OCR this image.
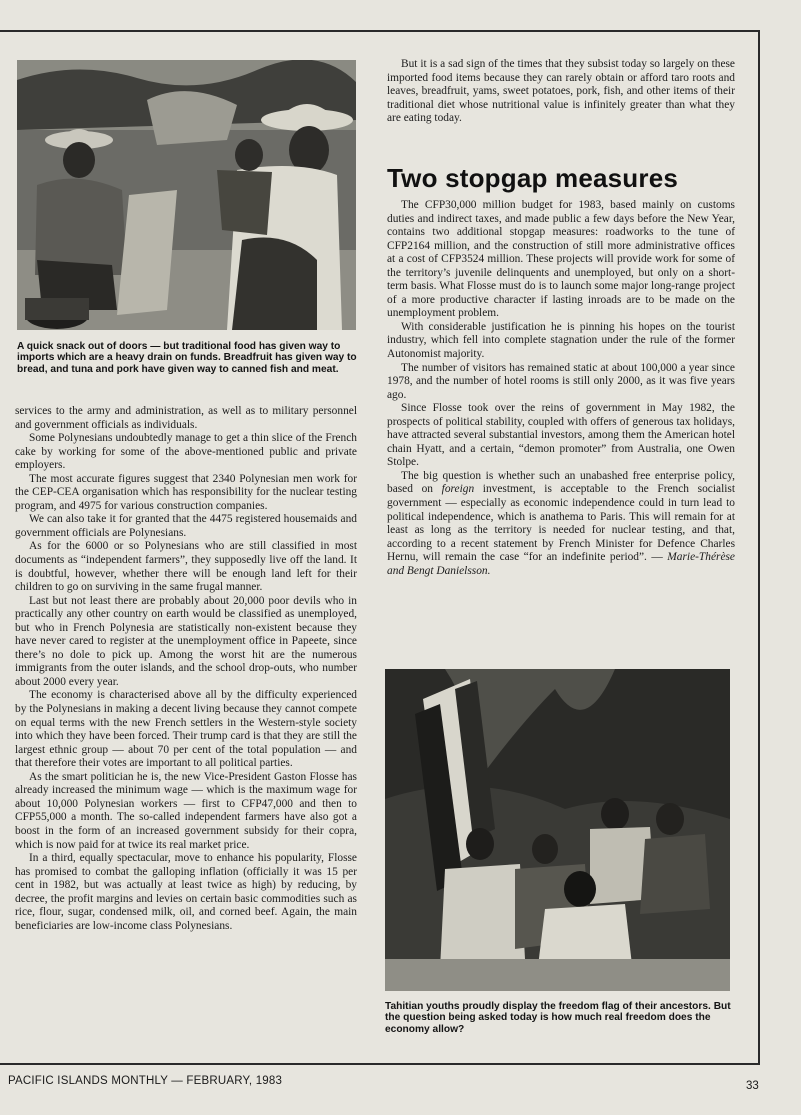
A quick snack out of doors — but traditional food has given way to imports which are a heavy drain on funds. Breadfruit has given way to bread, and tuna and pork have given way to canned fish and meat.

services to the army and administration, as well as to military personnel and government officials as individuals.

Some Polynesians undoubtedly manage to get a thin slice of the French cake by working for some of the above-mentioned public and private employers.

The most accurate figures suggest that 2340 Polynesian men work for the CEP-CEA organisation which has responsibility for the nuclear testing program, and 4975 for various construction companies.

We can also take it for granted that the 4475 registered housemaids and government officials are Polynesians.

As for the 6000 or so Polynesians who are still classified in most documents as “independent farmers”, they supposedly live off the land. It is doubtful, however, whether there will be enough land left for their children to go on surviving in the same frugal manner.

Last but not least there are probably about 20,000 poor devils who in practically any other country on earth would be classified as unemployed, but who in French Polynesia are statistically non-existent because they have never cared to register at the unemployment office in Papeete, since there’s no dole to pick up. Among the worst hit are the numerous immigrants from the outer islands, and the school drop-outs, who number about 2000 every year.

The economy is characterised above all by the difficulty experienced by the Polynesians in making a decent living because they cannot compete on equal terms with the new French settlers in the Western-style society into which they have been forced. Their trump card is that they are still the largest ethnic group — about 70 per cent of the total population — and that therefore their votes are important to all political parties.

As the smart politician he is, the new Vice-President Gaston Flosse has already increased the minimum wage — which is the maximum wage for about 10,000 Polynesian workers — first to CFP47,000 and then to CFP55,000 a month. The so-called independent farmers have also got a boost in the form of an increased government subsidy for their copra, which is now paid for at twice its real market price.

In a third, equally spectacular, move to enhance his popularity, Flosse has promised to combat the galloping inflation (officially it was 15 per cent in 1982, but was actually at least twice as high) by reducing, by decree, the profit margins and levies on certain basic commodities such as rice, flour, sugar, condensed milk, oil, and corned beef. Again, the main beneficiaries are low-income class Polynesians.

But it is a sad sign of the times that they subsist today so largely on these imported food items because they can rarely obtain or afford taro roots and leaves, breadfruit, yams, sweet potatoes, pork, fish, and other items of their traditional diet whose nutritional value is infinitely greater than what they are eating today.

Two stopgap measures

The CFP30,000 million budget for 1983, based mainly on customs duties and indirect taxes, and made public a few days before the New Year, contains two additional stopgap measures: roadworks to the tune of CFP2164 million, and the construction of still more administrative offices at a cost of CFP3524 million. These projects will provide work for some of the territory’s juvenile delinquents and unemployed, but only on a short-term basis. What Flosse must do is to launch some major long-range project of a more productive character if lasting inroads are to be made on the unemployment problem.

With considerable justification he is pinning his hopes on the tourist industry, which fell into complete stagnation under the rule of the former Autonomist majority.

The number of visitors has remained static at about 100,000 a year since 1978, and the number of hotel rooms is still only 2000, as it was five years ago.

Since Flosse took over the reins of government in May 1982, the prospects of political stability, coupled with offers of generous tax holidays, have attracted several substantial investors, among them the American hotel chain Hyatt, and a certain, “demon promoter” from Australia, one Owen Stolpe.

The big question is whether such an unabashed free enterprise policy, based on foreign investment, is acceptable to the French socialist government — especially as economic independence could in turn lead to political independence, which is anathema to Paris. This will remain for at least as long as the territory is needed for nuclear testing, and that, according to a recent statement by French Minister for Defence Charles Hernu, will remain the case “for an indefinite period”. — Marie-Thérèse and Bengt Danielsson.

Tahitian youths proudly display the freedom flag of their ancestors. But the question being asked today is how much real freedom does the economy allow?

PACIFIC ISLANDS MONTHLY — FEBRUARY, 1983	33
